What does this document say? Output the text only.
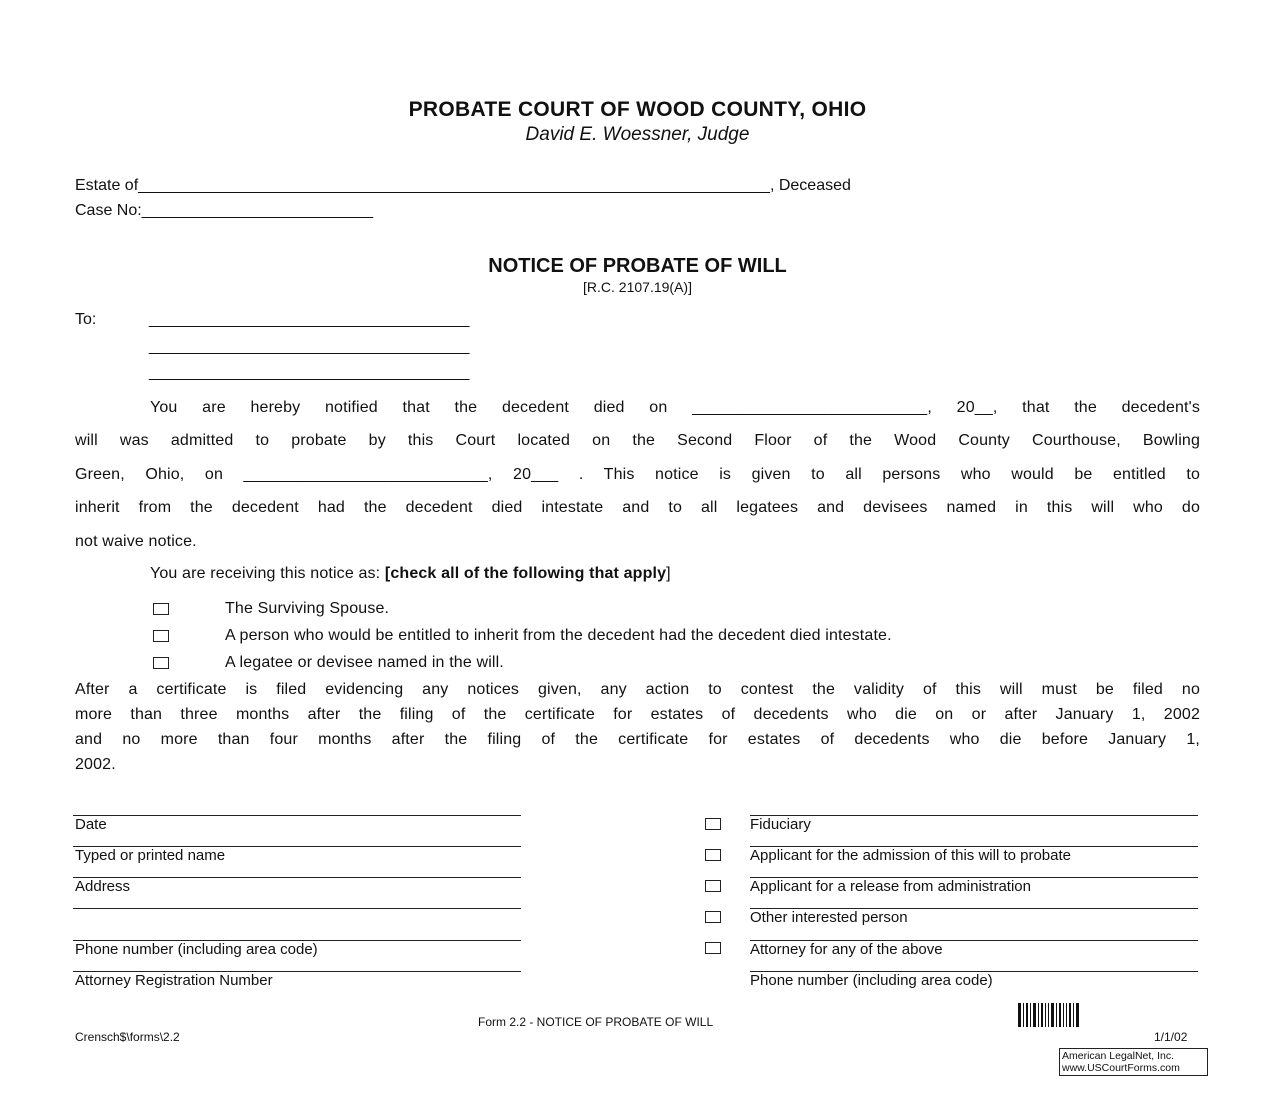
PROBATE COURT OF WOOD COUNTY, OHIO
David E. Woessner, Judge
Estate of_______________________________________________________________________, Deceased
Case No:__________________________
NOTICE OF PROBATE OF WILL
[R.C. 2107.19(A)]
To:	____________________________________
____________________________________
____________________________________
You are hereby notified that the decedent died on __________________________, 20__, that the decedent's
will was admitted to probate by this Court located on the Second Floor of the Wood County Courthouse, Bowling
Green, Ohio, on ___________________________, 20___ . This notice is given to all persons who would be entitled to
inherit from the decedent had the decedent died intestate and to all legatees and devisees named in this will who do
not waive notice.
You are receiving this notice as: [check all of the following that apply]
The Surviving Spouse.
A person who would be entitled to inherit from the decedent had the decedent died intestate.
A legatee or devisee named in the will.
After a certificate is filed evidencing any notices given, any action to contest the validity of this will must be filed no
more than three months after the filing of the certificate for estates of decedents who die on or after January 1, 2002
and no more than four months after the filing of the certificate for estates of decedents who die before January 1,
2002.
Date
Typed or printed name
Address
Phone number (including area code)
Attorney Registration Number
Fiduciary
Applicant for the admission of this will to probate
Applicant for a release from administration
Other interested person
Attorney for any of the above
Phone number (including area code)
Form 2.2 - NOTICE OF PROBATE OF WILL
Crensch$\forms\2.2	1/1/02
American LegalNet, Inc.
www.USCourtForms.com
